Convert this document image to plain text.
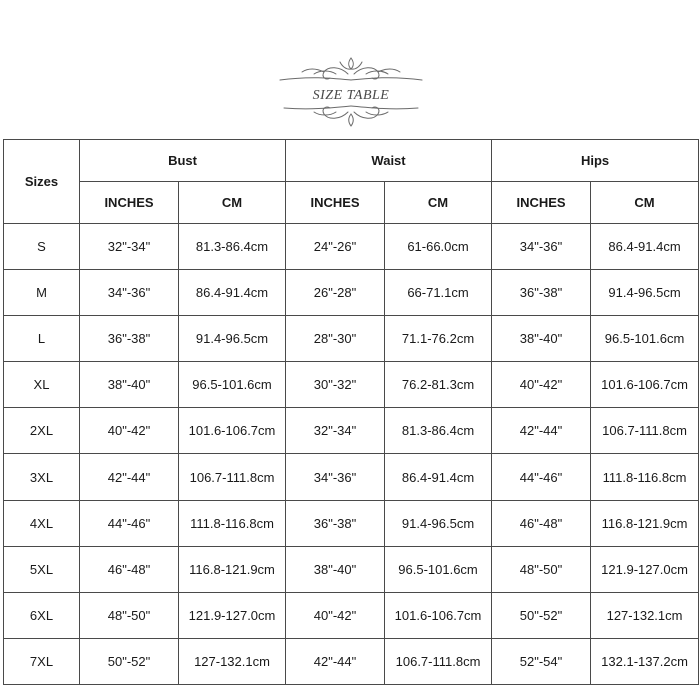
SIZE TABLE
Sizes	Bust		Waist		Hips	
	INCHES	CM	INCHES	CM	INCHES	CM
S	32"-34"	81.3-86.4cm	24"-26"	61-66.0cm	34"-36"	86.4-91.4cm
M	34"-36"	86.4-91.4cm	26"-28"	66-71.1cm	36"-38"	91.4-96.5cm
L	36"-38"	91.4-96.5cm	28"-30"	71.1-76.2cm	38"-40"	96.5-101.6cm
XL	38"-40"	96.5-101.6cm	30"-32"	76.2-81.3cm	40"-42"	101.6-106.7cm
2XL	40"-42"	101.6-106.7cm	32"-34"	81.3-86.4cm	42"-44"	106.7-111.8cm
3XL	42"-44"	106.7-111.8cm	34"-36"	86.4-91.4cm	44"-46"	111.8-116.8cm
4XL	44"-46"	111.8-116.8cm	36"-38"	91.4-96.5cm	46"-48"	116.8-121.9cm
5XL	46"-48"	116.8-121.9cm	38"-40"	96.5-101.6cm	48"-50"	121.9-127.0cm
6XL	48"-50"	121.9-127.0cm	40"-42"	101.6-106.7cm	50"-52"	127-132.1cm
7XL	50"-52"	127-132.1cm	42"-44"	106.7-111.8cm	52"-54"	132.1-137.2cm
